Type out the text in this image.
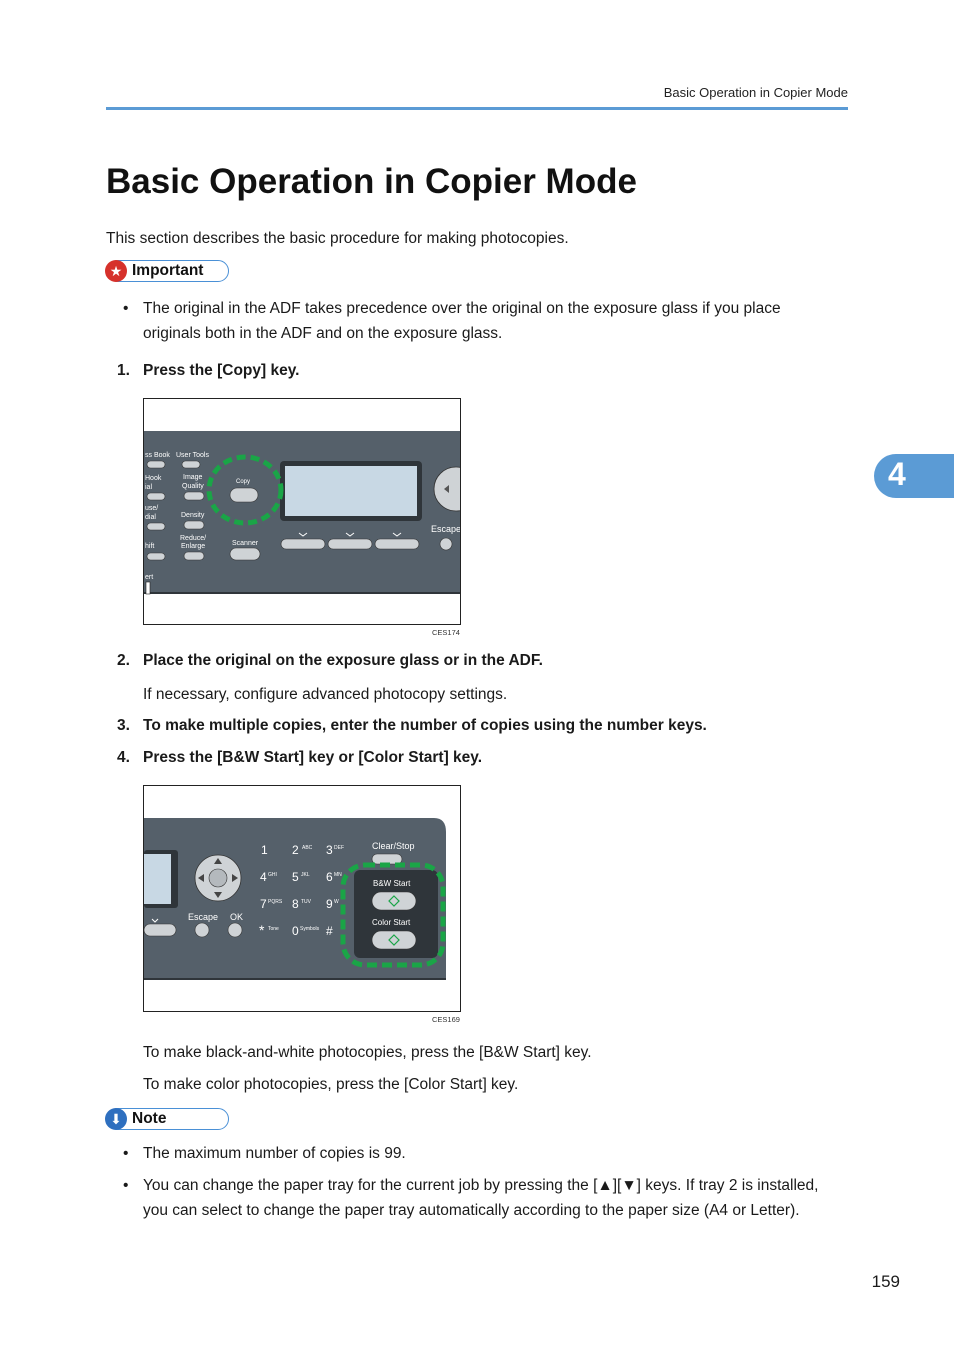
Basic Operation in Copier Mode
Basic Operation in Copier Mode
This section describes the basic procedure for making photocopies.
★ Important
• The original in the ADF takes precedence over the original on the exposure glass if you place
originals both in the ADF and on the exposure glass.
1. Press the [Copy] key.
ss Book User Tools
Hook
ial
use/
dial
hift
ert
Image
Quality
Density
Reduce/
Enlarge	Scanner
Escape
Copy
CES174
2. Place the original on the exposure glass or in the ADF.
If necessary, configure advanced photocopy settings.
3. To make multiple copies, enter the number of copies using the number keys.
4. Press the [B&W Start] key or [Color Start] key.
Escape OK
1 2 3
4 5 6
7 8 9
* 0 #
ABC	DEF
GHI	JKL	MN
PQRS	TUV	W
Tone	Symbols
Clear/Stop
B&W Start
Color Start
CES169
To make black-and-white photocopies, press the [B&W Start] key.
To make color photocopies, press the [Color Start] key.
⬇ Note
• The maximum number of copies is 99.
• You can change the paper tray for the current job by pressing the [▲][▼] keys. If tray 2 is installed,
you can select to change the paper tray automatically according to the paper size (A4 or Letter).
4
159
